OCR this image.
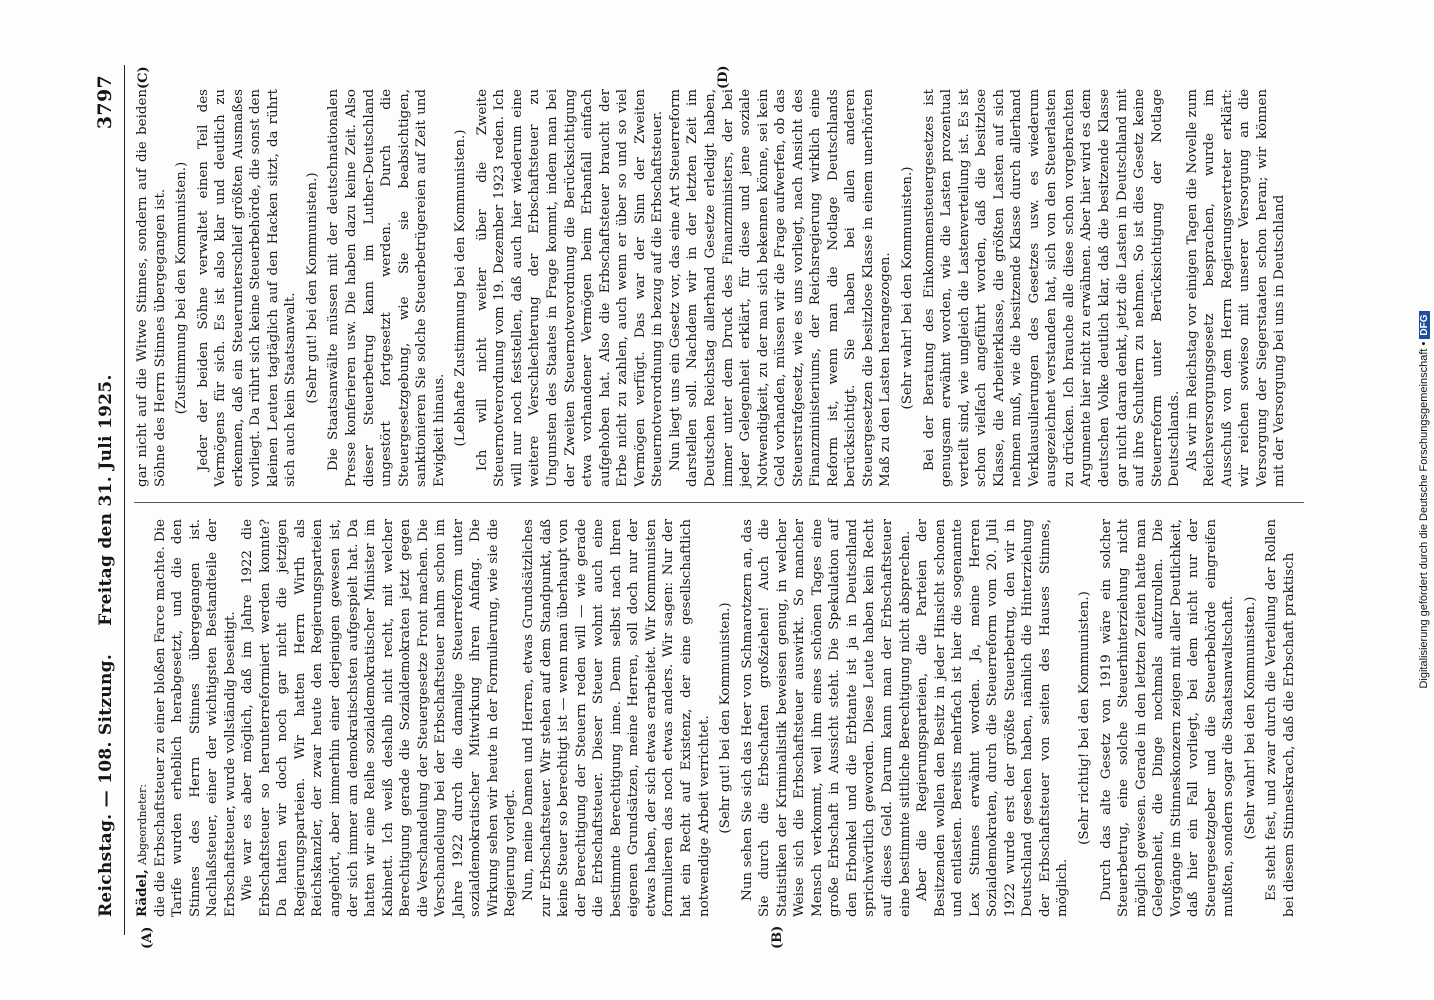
Reichstag. — 108. Sitzung.
Freitag den 31. Juli 1925.
3797
(A)	(B)
(C)	(D)

Rädel, Abgeordneter: die die Erbschaftsteuer zu einer bloßen Farce machte. Die Tarife wurden erheblich herabgesetzt, und die den Stinnes des Herrn Stinnes übergegangen ist. Nachlaßsteuer, einer der wichtigsten Bestandteile der Erbschaftsteuer, wurde vollständig beseitigt. Wie war es aber möglich, daß im Jahre 1922 die Erbschaftsteuer so herunterreformiert werden konnte? Da hatten wir doch noch gar nicht die jetzigen Regierungsparteien. Wir hatten Herrn Wirth als Reichskanzler, der zwar heute den Regierungsparteien angehört, aber immerhin einer derjenigen gewesen ist, der sich immer am demokratischsten aufgespielt hat. Da hatten wir eine Reihe sozialdemokratischer Minister im Kabinett. Ich weiß deshalb nicht recht, mit welcher Berechtigung gerade die Sozialdemokraten jetzt gegen die Verschandelung der Steuergesetze Front machen. Die Verschandelung bei der Erbschaftsteuer nahm schon im Jahre 1922 durch die damalige Steuerreform unter sozialdemokratischer Mitwirkung ihren Anfang. Die Wirkung sehen wir heute in der Formulierung, wie sie die Regierung vorlegt. Nun, meine Damen und Herren, etwas Grundsätzliches zur Erbschaftsteuer. Wir stehen auf dem Standpunkt, daß keine Steuer so berechtigt ist — wenn man überhaupt von der Berechtigung der Steuern reden will — wie gerade die Erbschaftsteuer. Dieser Steuer wohnt auch eine bestimmte Berechtigung inne. Denn selbst nach Ihren eigenen Grundsätzen, meine Herren, soll doch nur der etwas haben, der sich etwas erarbeitet. Wir Kommunisten formulieren das noch etwas anders. Wir sagen: Nur der hat ein Recht auf Existenz, der eine gesellschaftlich notwendige Arbeit verrichtet. (Sehr gut! bei den Kommunisten.) Nun sehen Sie sich das Heer von Schmarotzern an, das Sie durch die Erbschaften großziehen! Auch die Statistiken der Kriminalistik beweisen genug, in welcher Weise sich die Erbschaftsteuer auswirkt. So mancher Mensch verkommt, weil ihm eines schönen Tages eine große Erbschaft in Aussicht steht. Die Spekulation auf den Erbonkel und die Erbtante ist ja in Deutschland sprichwörtlich geworden. Diese Leute haben kein Recht auf dieses Geld. Darum kann man der Erbschaftsteuer eine bestimmte sittliche Berechtigung nicht absprechen. Aber die Regierungsparteien, die Parteien der Besitzenden wollen den Besitz in jeder Hinsicht schonen und entlasten. Bereits mehrfach ist hier die sogenannte Lex Stinnes erwähnt worden. Ja, meine Herren Sozialdemokraten, durch die Steuerreform vom 20. Juli 1922 wurde erst der größte Steuerbetrug, den wir in Deutschland gesehen haben, nämlich die Hinterziehung der Erbschaftsteuer von seiten des Hauses Stinnes, möglich.

(Sehr richtig! bei den Kommunisten.) Durch das alte Gesetz von 1919 wäre ein solcher Steuerbetrug, eine solche Steuerhinterziehung nicht möglich gewesen. Gerade in den letzten Zeiten hatte man Gelegenheit, die Dinge nochmals aufzurollen. Die Vorgänge im Stinneskonzern zeigen mit aller Deutlichkeit, daß hier ein Fall vorliegt, bei dem nicht nur der Steuergesetzgeber und die Steuerbehörde eingreifen mußten, sondern sogar die Staatsanwaltschaft. (Sehr wahr! bei den Kommunisten.) Es steht fest, und zwar durch die Verteilung der Rollen bei diesem Stinneskrach, daß die Erbschaft praktisch

gar nicht auf die Witwe Stinnes, sondern auf die beiden Söhne des Herrn Stinnes übergegangen ist. (Zustimmung bei den Kommunisten.) Jeder der beiden Söhne verwaltet einen Teil des Vermögens für sich. Es ist also klar und deutlich zu erkennen, daß ein Steuerunterschleif größten Ausmaßes vorliegt. Da rührt sich keine Steuerbehörde, die sonst den kleinen Leuten tagtäglich auf den Hacken sitzt, da rührt sich auch kein Staatsanwalt. (Sehr gut! bei den Kommunisten.) Die Staatsanwälte müssen mit der deutschnationalen Presse konferieren usw. Die haben dazu keine Zeit. Also dieser Steuerbetrug kann im Luther-Deutschland ungestört fortgesetzt werden. Durch die Steuergesetzgebung, wie Sie sie beabsichtigen, sanktionieren Sie solche Steuerbetrügereien auf Zeit und Ewigkeit hinaus. (Lebhafte Zustimmung bei den Kommunisten.) Ich will nicht weiter über die Zweite Steuernotverordnung vom 19. Dezember 1923 reden. Ich will nur noch feststellen, daß auch hier wiederum eine weitere Verschlechterung der Erbschaftsteuer zu Ungunsten des Staates in Frage kommt, indem man bei der Zweiten Steuernotverordnung die Berücksichtigung etwa vorhandener Vermögen beim Erbanfall einfach aufgehoben hat. Also die Erbschaftsteuer braucht der Erbe nicht zu zahlen, auch wenn er über so und so viel Vermögen verfügt. Das war der Sinn der Zweiten Steuernotverordnung in bezug auf die Erbschaftsteuer. Nun liegt uns ein Gesetz vor, das eine Art Steuerreform darstellen soll. Nachdem wir in der letzten Zeit im Deutschen Reichstag allerhand Gesetze erledigt haben, immer unter dem Druck des Finanzministers, der bei jeder Gelegenheit erklärt, für diese und jene soziale Notwendigkeit, zu der man sich bekennen könne, sei kein Geld vorhanden, müssen wir die Frage aufwerfen, ob das Steuerstrafgesetz, wie es uns vorliegt, nach Ansicht des Finanzministeriums, der Reichsregierung wirklich eine Reform ist, wenn man die Notlage Deutschlands berücksichtigt. Sie haben bei allen anderen Steuergesetzen die besitzlose Klasse in einem unerhörten Maß zu den Lasten herangezogen. (Sehr wahr! bei den Kommunisten.) Bei der Beratung des Einkommensteuergesetzes ist genugsam erwähnt worden, wie die Lasten prozentual verteilt sind, wie ungleich die Lastenverteilung ist. Es ist schon vielfach angeführt worden, daß die besitzlose Klasse, die Arbeiterklasse, die größten Lasten auf sich nehmen muß, wie die besitzende Klasse durch allerhand Verklausulierungen des Gesetzes usw. es wiederum ausgezeichnet verstanden hat, sich von den Steuerlasten zu drücken. Ich brauche alle diese schon vorgebrachten Argumente hier nicht zu erwähnen. Aber hier wird es dem deutschen Volke deutlich klar, daß die besitzende Klasse gar nicht daran denkt, jetzt die Lasten in Deutschland mit auf ihre Schultern zu nehmen. So ist dies Gesetz keine Steuerreform unter Berücksichtigung der Notlage Deutschlands. Als wir im Reichstag vor einigen Tagen die Novelle zum Reichsversorgungsgesetz besprachen, wurde im Ausschuß von dem Herrn Regierungsvertreter erklärt: wir reichen sowieso mit unserer Versorgung an die Versorgung der Siegerstaaten schon heran; wir können mit der Versorgung bei uns in Deutschland

Digitalisierung gefördert durch die Deutsche Forschungsgemeinschaft • DFG
